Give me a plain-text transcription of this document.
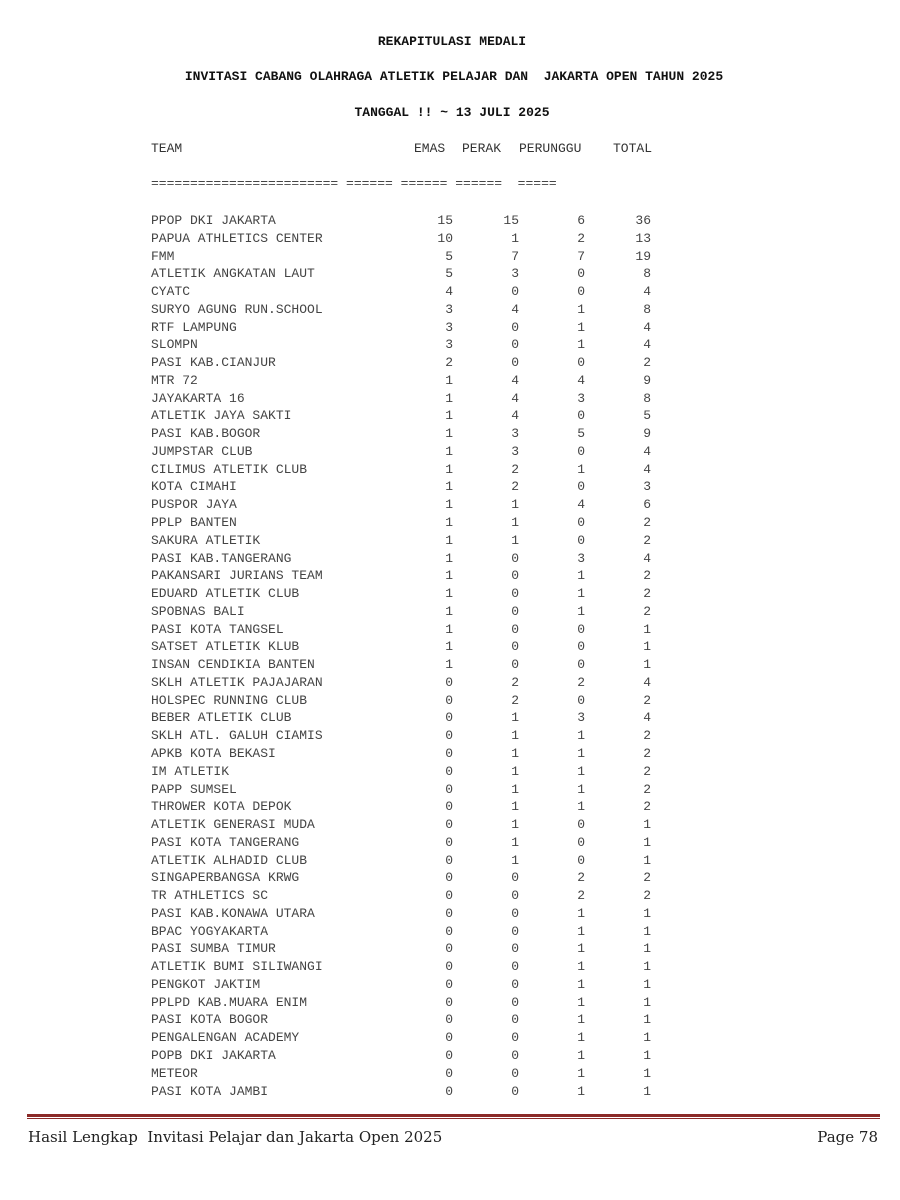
REKAPITULASI MEDALI
INVITASI CABANG OLAHRAGA ATLETIK PELAJAR DAN  JAKARTA OPEN TAHUN 2025
TANGGAL !! ~ 13 JULI 2025
TEAM	EMAS PERAK PERUNGGU TOTAL
======================== ====== ====== ======  =====
PPOP DKI JAKARTA	15	15	6	36
PAPUA ATHLETICS CENTER	10	1	2	13
FMM	5	7	7	19
ATLETIK ANGKATAN LAUT	5	3	0	8
CYATC	4	0	0	4
SURYO AGUNG RUN.SCHOOL	3	4	1	8
RTF LAMPUNG	3	0	1	4
SLOMPN	3	0	1	4
PASI KAB.CIANJUR	2	0	0	2
MTR 72	1	4	4	9
JAYAKARTA 16	1	4	3	8
ATLETIK JAYA SAKTI	1	4	0	5
PASI KAB.BOGOR	1	3	5	9
JUMPSTAR CLUB	1	3	0	4
CILIMUS ATLETIK CLUB	1	2	1	4
KOTA CIMAHI	1	2	0	3
PUSPOR JAYA	1	1	4	6
PPLP BANTEN	1	1	0	2
SAKURA ATLETIK	1	1	0	2
PASI KAB.TANGERANG	1	0	3	4
PAKANSARI JURIANS TEAM	1	0	1	2
EDUARD ATLETIK CLUB	1	0	1	2
SPOBNAS BALI	1	0	1	2
PASI KOTA TANGSEL	1	0	0	1
SATSET ATLETIK KLUB	1	0	0	1
INSAN CENDIKIA BANTEN	1	0	0	1
SKLH ATLETIK PAJAJARAN	0	2	2	4
HOLSPEC RUNNING CLUB	0	2	0	2
BEBER ATLETIK CLUB	0	1	3	4
SKLH ATL. GALUH CIAMIS	0	1	1	2
APKB KOTA BEKASI	0	1	1	2
IM ATLETIK	0	1	1	2
PAPP SUMSEL	0	1	1	2
THROWER KOTA DEPOK	0	1	1	2
ATLETIK GENERASI MUDA	0	1	0	1
PASI KOTA TANGERANG	0	1	0	1
ATLETIK ALHADID CLUB	0	1	0	1
SINGAPERBANGSA KRWG	0	0	2	2
TR ATHLETICS SC	0	0	2	2
PASI KAB.KONAWA UTARA	0	0	1	1
BPAC YOGYAKARTA	0	0	1	1
PASI SUMBA TIMUR	0	0	1	1
ATLETIK BUMI SILIWANGI	0	0	1	1
PENGKOT JAKTIM	0	0	1	1
PPLPD KAB.MUARA ENIM	0	0	1	1
PASI KOTA BOGOR	0	0	1	1
PENGALENGAN ACADEMY	0	0	1	1
POPB DKI JAKARTA	0	0	1	1
METEOR	0	0	1	1
PASI KOTA JAMBI	0	0	1	1
Hasil Lengkap  Invitasi Pelajar dan Jakarta Open 2025	Page 78
